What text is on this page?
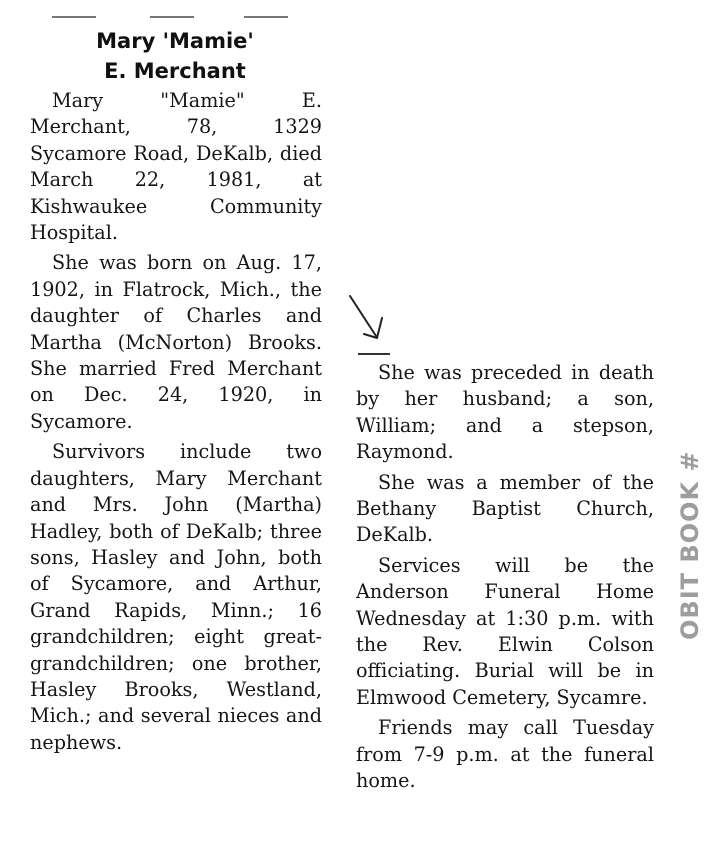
Mary 'Mamie'
E. Merchant

Mary "Mamie" E. Merchant, 78, 1329 Sycamore Road, DeKalb, died March 22, 1981, at Kishwaukee Community Hospital.

She was born on Aug. 17, 1902, in Flatrock, Mich., the daughter of Charles and Martha (McNorton) Brooks. She married Fred Merchant on Dec. 24, 1920, in Sycamore.

Survivors include two daughters, Mary Merchant and Mrs. John (Martha) Hadley, both of DeKalb; three sons, Hasley and John, both of Sycamore, and Arthur, Grand Rapids, Minn.; 16 grandchildren; eight great-grandchildren; one brother, Hasley Brooks, Westland, Mich.; and several nieces and nephews.

She was preceded in death by her husband; a son, William; and a stepson, Raymond.

She was a member of the Bethany Baptist Church, DeKalb.

Services will be the Anderson Funeral Home Wednesday at 1:30 p.m. with the Rev. Elwin Colson officiating. Burial will be in Elmwood Cemetery, Sycamre.

Friends may call Tuesday from 7-9 p.m. at the funeral home.

OBIT BOOK #
